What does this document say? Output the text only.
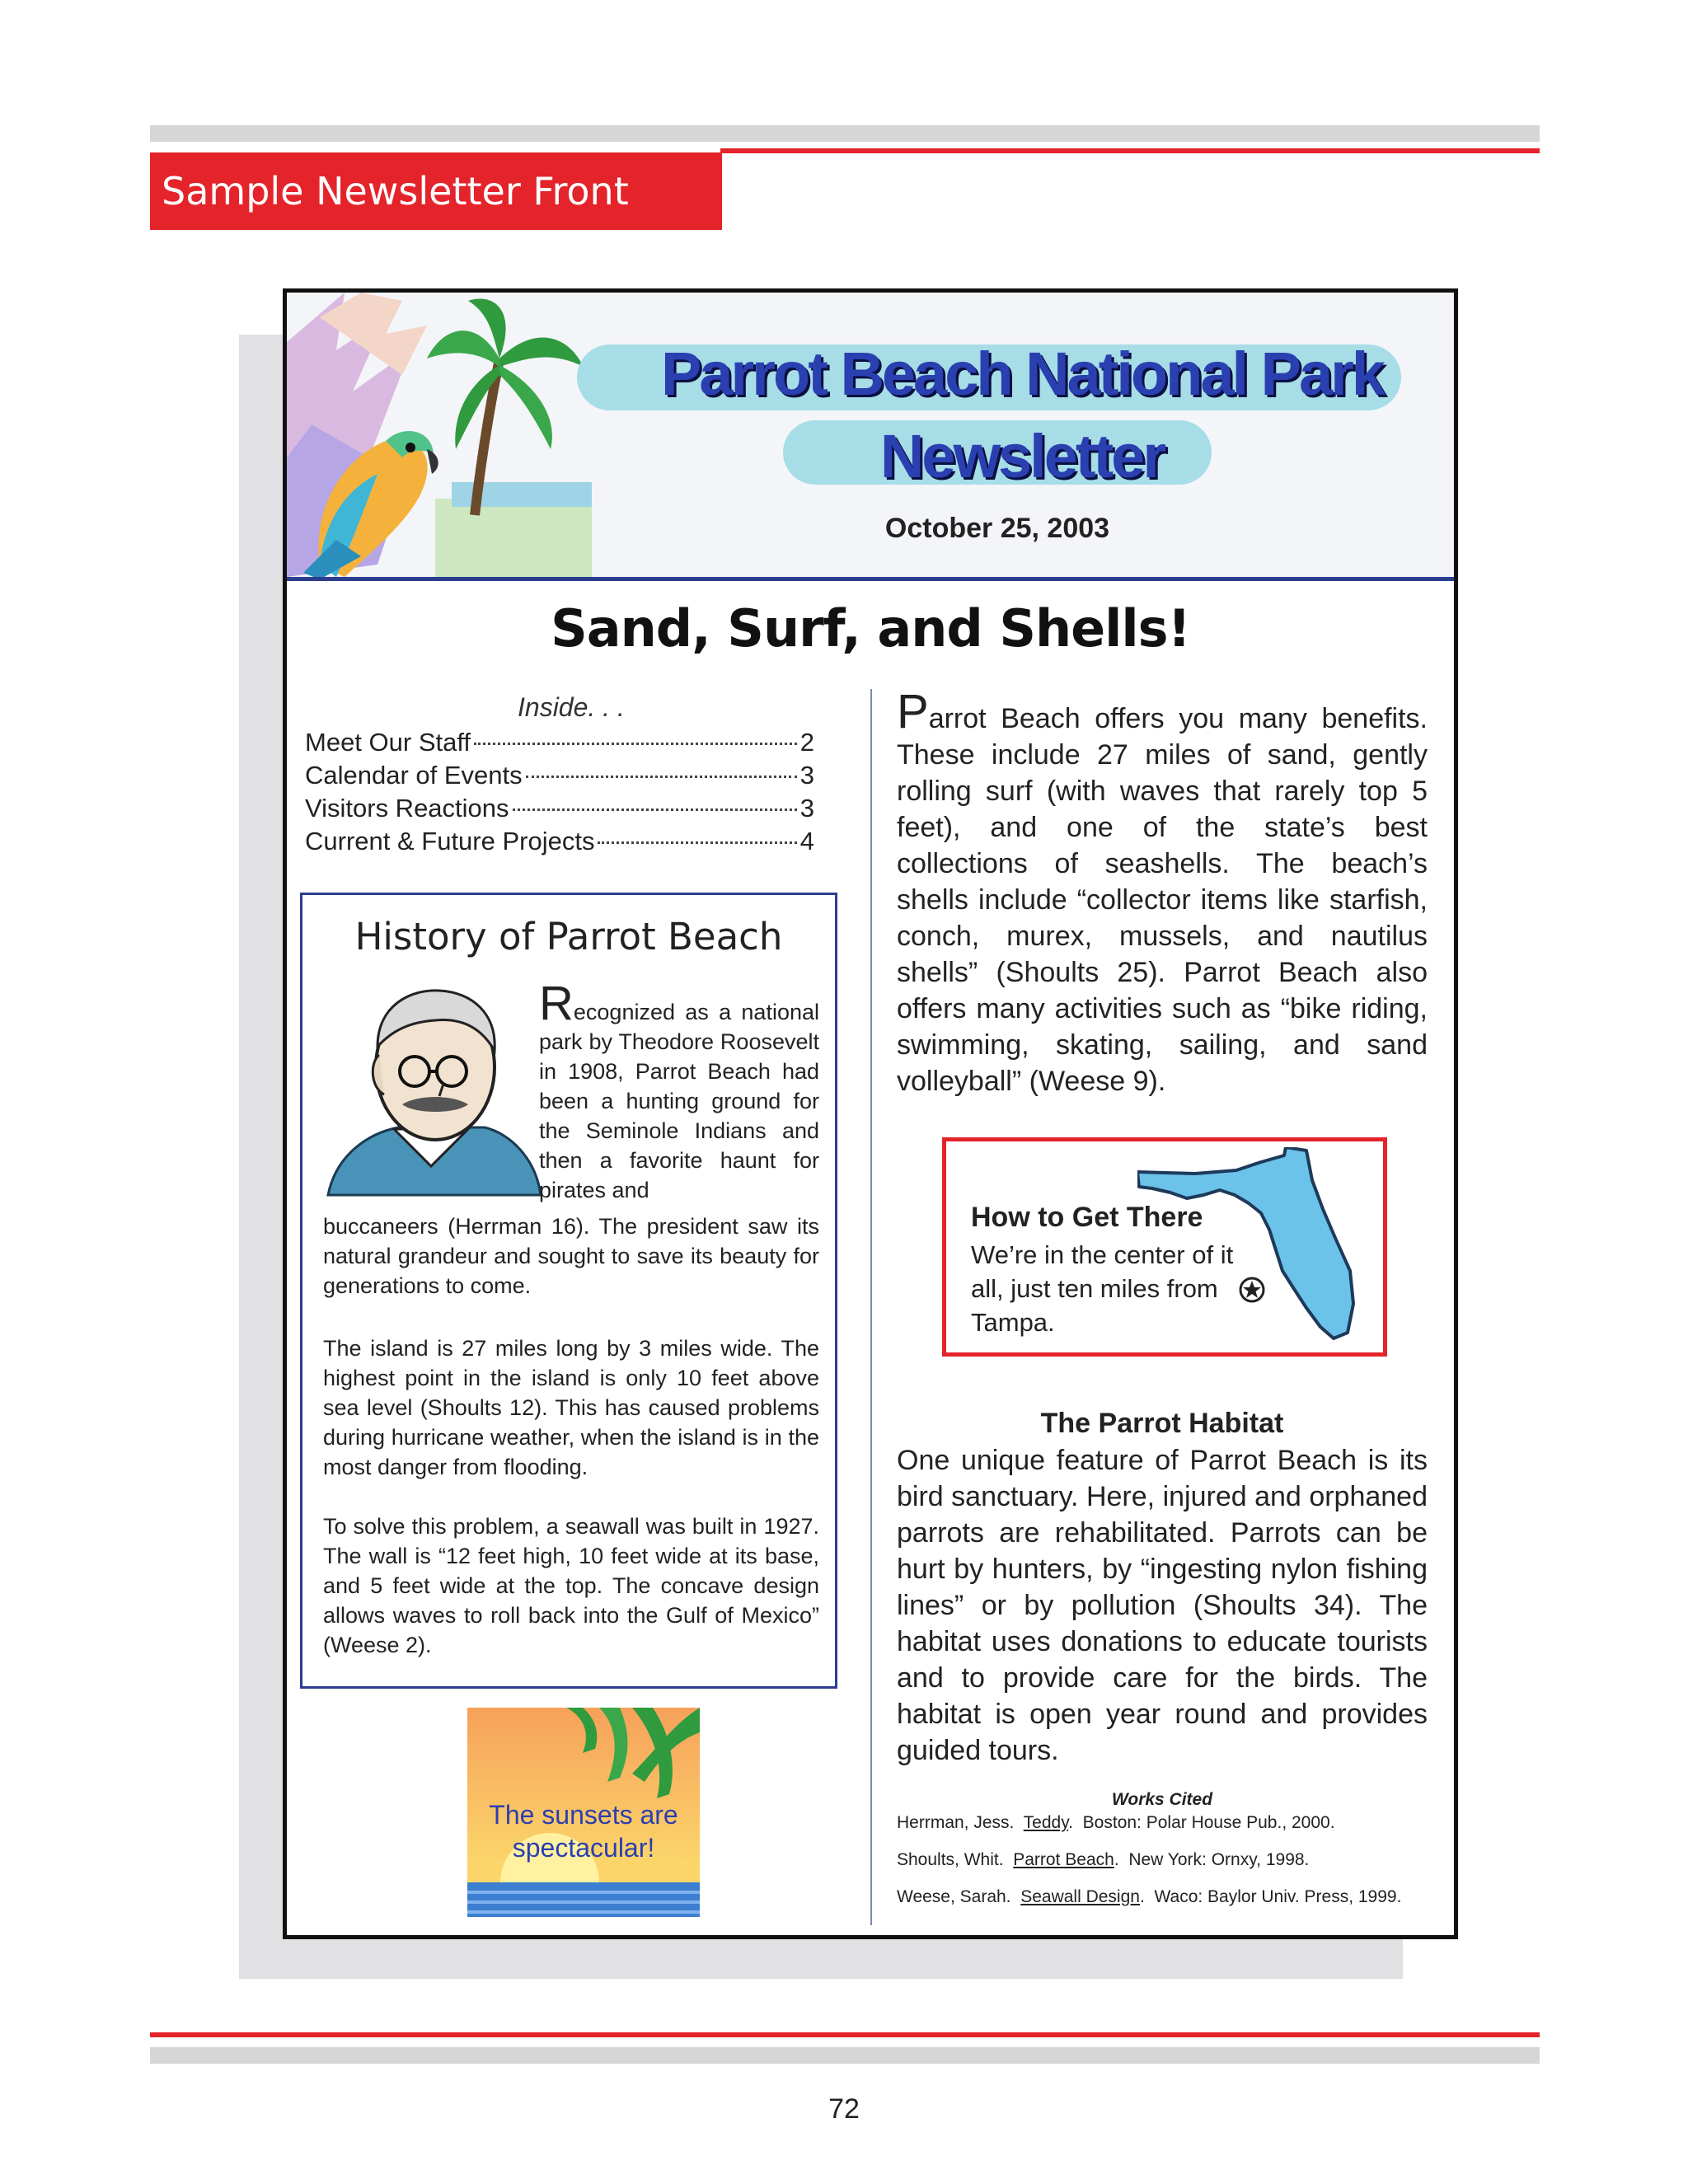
Sample Newsletter Front Page
Parrot Beach National Park Newsletter
October 25, 2003
Sand, Surf, and Shells!
Inside. . .
Meet Our Staff	2
Calendar of Events	3
Visitors Reactions	3
Current & Future Projects	4
History of Parrot Beach
Recognized as a national park by Theodore Roosevelt in 1908, Parrot Beach had been a hunting ground for the Seminole Indians and then a favorite haunt for pirates and
buccaneers (Herrman 16). The president saw its natural grandeur and sought to save its beauty for generations to come.
The island is 27 miles long by 3 miles wide. The highest point in the island is only 10 feet above sea level (Shoults 12). This has caused problems during hurricane weather, when the island is in the most danger from flooding.
To solve this problem, a seawall was built in 1927. The wall is “12 feet high, 10 feet wide at its base, and 5 feet wide at the top. The concave design allows waves to roll back into the Gulf of Mexico” (Weese 2).
The sunsets are spectacular!
Parrot Beach offers you many benefits. These include 27 miles of sand, gently rolling surf (with waves that rarely top 5 feet), and one of the state’s best collections of seashells. The beach’s shells include “collector items like starfish, conch, murex, mussels, and nautilus shells” (Shoults 25). Parrot Beach also offers many activities such as “bike riding, swimming, skating, sailing, and sand volleyball” (Weese 9).
How to Get There
We’re in the center of it all, just ten miles from Tampa.
The Parrot Habitat
One unique feature of Parrot Beach is its bird sanctuary. Here, injured and orphaned parrots are rehabilitated. Parrots can be hurt by hunters, by “ingesting nylon fishing lines” or by pollution (Shoults 34). The habitat uses donations to educate tourists and to provide care for the birds. The habitat is open year round and provides guided tours.
Works Cited
Herrman, Jess. Teddy.  Boston: Polar House Pub., 2000.
Shoults, Whit. Parrot Beach.  New York: Ornxy, 1998.
Weese, Sarah. Seawall Design.  Waco: Baylor Univ. Press, 1999.
72
